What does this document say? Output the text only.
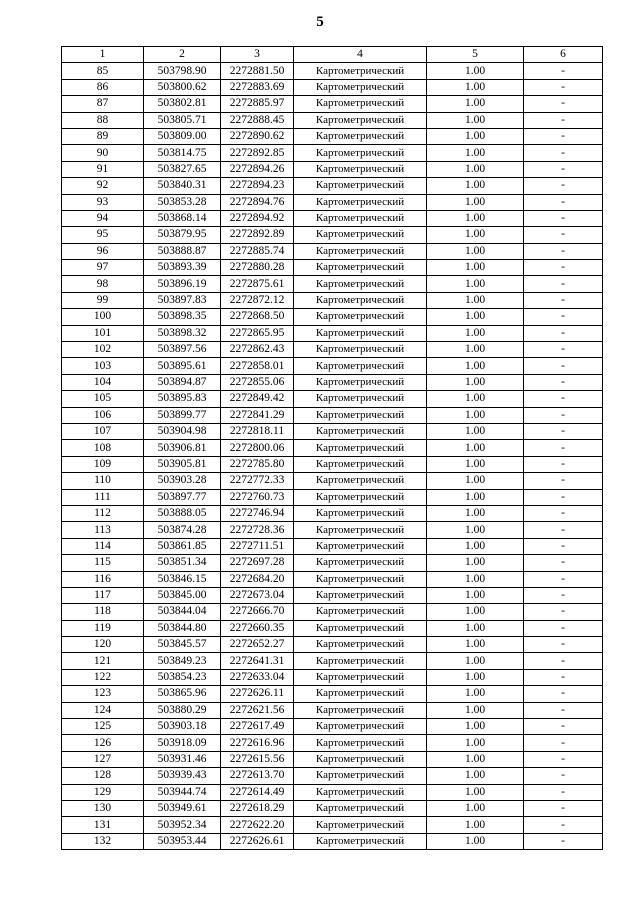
5
1	2	3	4	5	6
85	503798.90	2272881.50	Картометрический	1.00	-
86	503800.62	2272883.69	Картометрический	1.00	-
87	503802.81	2272885.97	Картометрический	1.00	-
88	503805.71	2272888.45	Картометрический	1.00	-
89	503809.00	2272890.62	Картометрический	1.00	-
90	503814.75	2272892.85	Картометрический	1.00	-
91	503827.65	2272894.26	Картометрический	1.00	-
92	503840.31	2272894.23	Картометрический	1.00	-
93	503853.28	2272894.76	Картометрический	1.00	-
94	503868.14	2272894.92	Картометрический	1.00	-
95	503879.95	2272892.89	Картометрический	1.00	-
96	503888.87	2272885.74	Картометрический	1.00	-
97	503893.39	2272880.28	Картометрический	1.00	-
98	503896.19	2272875.61	Картометрический	1.00	-
99	503897.83	2272872.12	Картометрический	1.00	-
100	503898.35	2272868.50	Картометрический	1.00	-
101	503898.32	2272865.95	Картометрический	1.00	-
102	503897.56	2272862.43	Картометрический	1.00	-
103	503895.61	2272858.01	Картометрический	1.00	-
104	503894.87	2272855.06	Картометрический	1.00	-
105	503895.83	2272849.42	Картометрический	1.00	-
106	503899.77	2272841.29	Картометрический	1.00	-
107	503904.98	2272818.11	Картометрический	1.00	-
108	503906.81	2272800.06	Картометрический	1.00	-
109	503905.81	2272785.80	Картометрический	1.00	-
110	503903.28	2272772.33	Картометрический	1.00	-
111	503897.77	2272760.73	Картометрический	1.00	-
112	503888.05	2272746.94	Картометрический	1.00	-
113	503874.28	2272728.36	Картометрический	1.00	-
114	503861.85	2272711.51	Картометрический	1.00	-
115	503851.34	2272697.28	Картометрический	1.00	-
116	503846.15	2272684.20	Картометрический	1.00	-
117	503845.00	2272673.04	Картометрический	1.00	-
118	503844.04	2272666.70	Картометрический	1.00	-
119	503844.80	2272660.35	Картометрический	1.00	-
120	503845.57	2272652.27	Картометрический	1.00	-
121	503849.23	2272641.31	Картометрический	1.00	-
122	503854.23	2272633.04	Картометрический	1.00	-
123	503865.96	2272626.11	Картометрический	1.00	-
124	503880.29	2272621.56	Картометрический	1.00	-
125	503903.18	2272617.49	Картометрический	1.00	-
126	503918.09	2272616.96	Картометрический	1.00	-
127	503931.46	2272615.56	Картометрический	1.00	-
128	503939.43	2272613.70	Картометрический	1.00	-
129	503944.74	2272614.49	Картометрический	1.00	-
130	503949.61	2272618.29	Картометрический	1.00	-
131	503952.34	2272622.20	Картометрический	1.00	-
132	503953.44	2272626.61	Картометрический	1.00	-
